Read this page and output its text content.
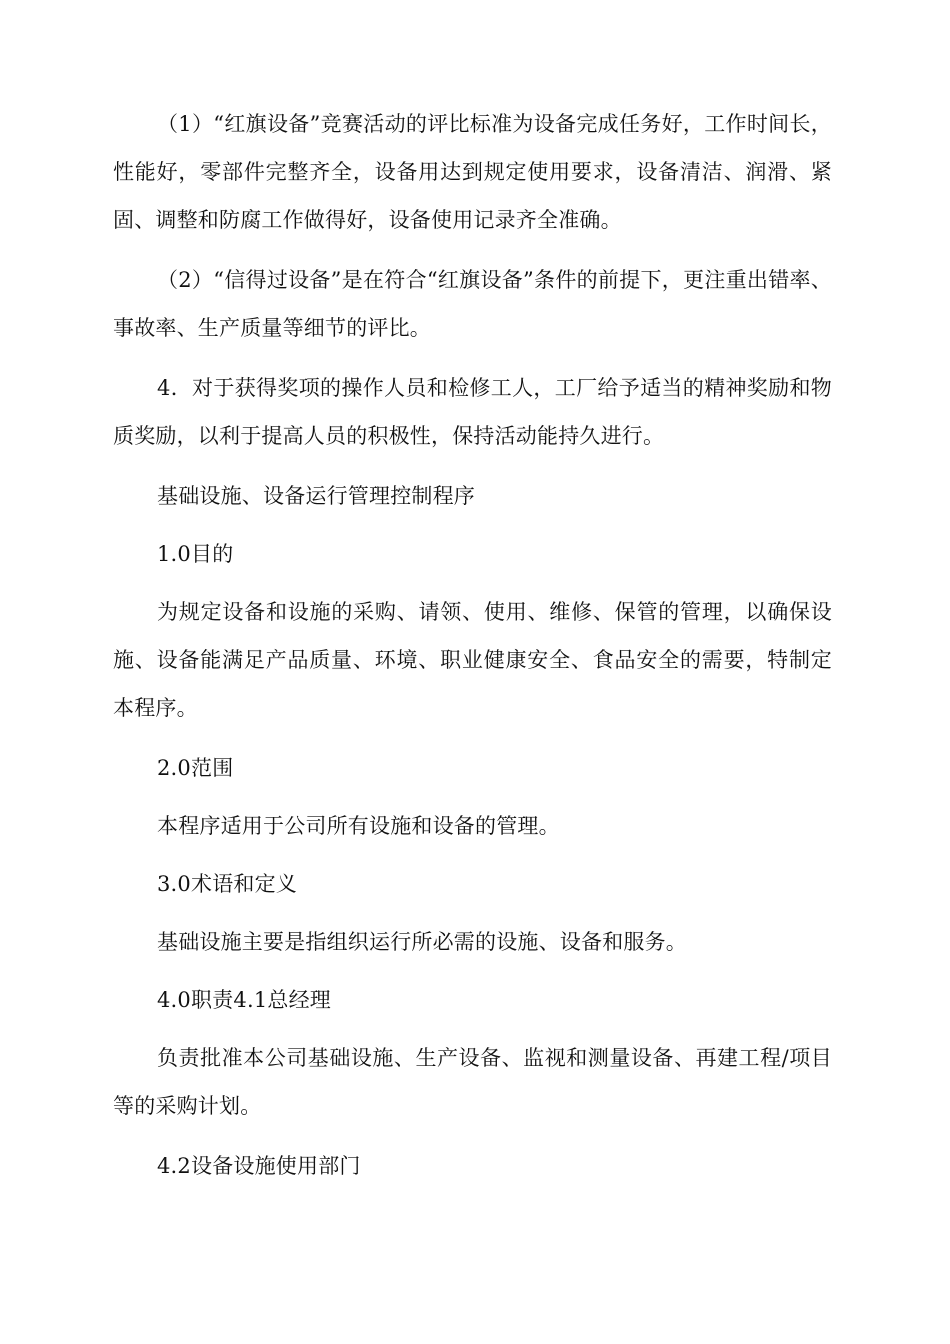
（1）“红旗设备”竞赛活动的评比标准为设备完成任务好，工作时间长，性能好，零部件完整齐全，设备用达到规定使用要求，设备清洁、润滑、紧固、调整和防腐工作做得好，设备使用记录齐全准确。

（2）“信得过设备”是在符合“红旗设备”条件的前提下，更注重出错率、事故率、生产质量等细节的评比。

4．对于获得奖项的操作人员和检修工人，工厂给予适当的精神奖励和物质奖励，以利于提高人员的积极性，保持活动能持久进行。

基础设施、设备运行管理控制程序

1.0目的

为规定设备和设施的采购、请领、使用、维修、保管的管理，以确保设施、设备能满足产品质量、环境、职业健康安全、食品安全的需要，特制定本程序。

2.0范围

本程序适用于公司所有设施和设备的管理。

3.0术语和定义

基础设施主要是指组织运行所必需的设施、设备和服务。

4.0职责4.1总经理

负责批准本公司基础设施、生产设备、监视和测量设备、再建工程/项目等的采购计划。

4.2设备设施使用部门
